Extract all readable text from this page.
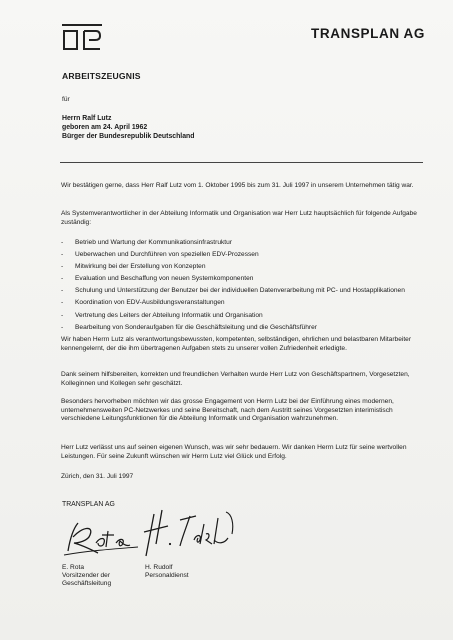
TRANSPLAN AG
ARBEITSZEUGNIS
für
Herrn Ralf Lutz
geboren am 24. April 1962
Bürger der Bundesrepublik Deutschland
Wir bestätigen gerne, dass Herr Ralf Lutz vom 1. Oktober 1995 bis zum 31. Juli 1997 in unserem Unternehmen tätig war.
Als Systemverantwortlicher in der Abteilung Informatik und Organisation war Herr Lutz hauptsächlich für folgende Aufgabe zuständig:
- Betrieb und Wartung der Kommunikationsinfrastruktur
- Ueberwachen und Durchführen von speziellen EDV-Prozessen
- Mitwirkung bei der Erstellung von Konzepten
- Evaluation und Beschaffung von neuen Systemkomponenten
- Schulung und Unterstützung der Benutzer bei der individuellen Datenverarbeitung mit PC- und Hostapplikationen
- Koordination von EDV-Ausbildungsveranstaltungen
- Vertretung des Leiters der Abteilung Informatik und Organisation
- Bearbeitung von Sonderaufgaben für die Geschäftsleitung und die Geschäftsführer
Wir haben Herrn Lutz als verantwortungsbewussten, kompetenten, selbständigen, ehrlichen und belastbaren Mitarbeiter kennengelernt, der die ihm übertragenen Aufgaben stets zu unserer vollen Zufriedenheit erledigte.
Dank seinem hilfsbereiten, korrekten und freundlichen Verhalten wurde Herr Lutz von Geschäftspartnern, Vorgesetzten, Kolleginnen und Kollegen sehr geschätzt.
Besonders hervorheben möchten wir das grosse Engagement von Herrn Lutz bei der Einführung eines modernen, unternehmensweiten PC-Netzwerkes und seine Bereitschaft, nach dem Austritt seines Vorgesetzten interimistisch verschiedene Leitungsfunktionen für die Abteilung Informatik und Organisation wahrzunehmen.
Herr Lutz verlässt uns auf seinen eigenen Wunsch, was wir sehr bedauern. Wir danken Herrn Lutz für seine wertvollen Leistungen. Für seine Zukunft wünschen wir Herrn Lutz viel Glück und Erfolg.
Zürich, den 31. Juli 1997
TRANSPLAN AG
E. Rota
Vorsitzender der
Geschäftsleitung
H. Rudolf
Personaldienst
